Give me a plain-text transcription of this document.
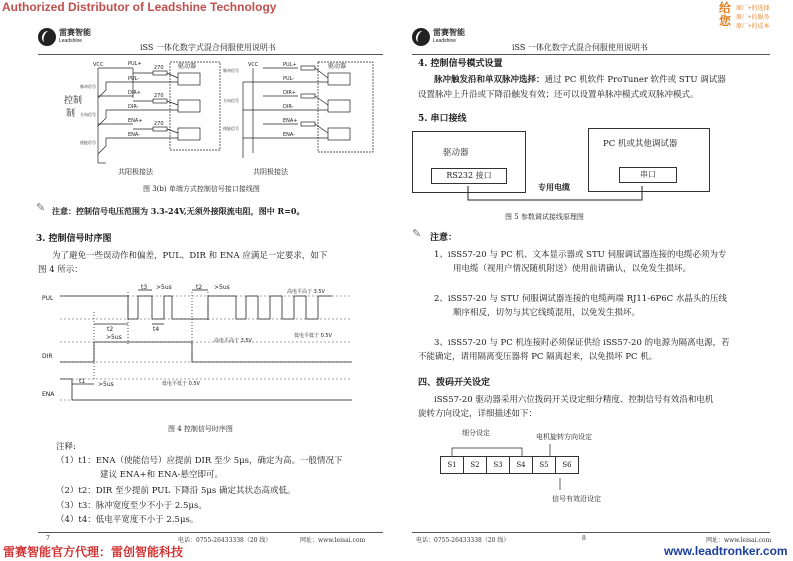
Authorized Distributor of Leadshine Technology	给您
原厂+的选择
原厂+的服务
原厂+的成本
雷赛智能官方代理：雷创智能科技	www.leadtronker.com
雷赛智能
Leadshine
iSS 一体化数字式混合伺服使用说明书
雷赛智能
Leadshine
iSS 一体化数字式混合伺服使用说明书
VCC	PUL+
DIR+
ENA+
PUL-
DIR-
ENA-
控制
制
脉冲信号
方向信号
使能信号
270
270
270
驱动器	VCC	PUL+
PUL-
DIR+
DIR-
ENA+
ENA-
脉冲信号
方向信号
使能信号
驱动器
共阳极接法	共阴极接法
图 3(b) 单端方式控制信号接口接线图
✎ 注意：控制信号电压范围为 3.3-24V,无须外接限流电阻，图中 R=0。
3. 控制信号时序图
为了避免一些误动作和偏差，PUL、DIR 和 ENA 应满足一定要求，如下
图 4 所示：
PUL
DIR
ENA
t1
t2
t3
t4
t2
>5us
>5us
>5us	>5us
高电平高于 3.5V
低电平低于 0.5V
高电平高于 3.5V
低电平低于 0.5V
图 4 控制信号时序图
注释:
（1）t1：ENA（使能信号）应提前 DIR 至少 5μs，确定为高。一般情况下
建议 ENA+和 ENA-悬空即可。
（2）t2：DIR 至少提前 PUL 下降沿 5μs 确定其状态高或低。
（3）t3：脉冲宽度至少不小于 2.5μs。
（4）t4：低电平宽度不小于 2.5μs。
7	电话：0755-26433338（20 线）	网址：www.leisai.com
4. 控制信号模式设置
脉冲触发沿和单双脉冲选择：通过 PC 机软件 ProTuner 软件或 STU 调试器
设置脉冲上升沿或下降沿触发有效；还可以设置单脉冲模式或双脉冲模式。
5. 串口接线
驱动器
RS232 接口
PC 机或其他调试器
串口
专用电缆
图 5 参数调试接线原理图
✎ 注意：
1、iSS57-20 与 PC 机、文本显示器或 STU 伺服调试器连接的电缆必须为专
用电缆（视用户情况随机附送）使用前请确认，以免发生损坏。
2、iSS57-20 与 STU 伺服调试器连接的电缆两端 RJ11-6P6C 水晶头的压线
顺序相反，切勿与其它线缆混用，以免发生损坏。
3、iSS57-20 与 PC 机连接时必须保证供给 iSS57-20 的电源为隔离电源，若
不能确定，请用隔离变压器将 PC 隔离起来，以免损坏 PC 机。
四、拨码开关设定
iSS57-20 驱动器采用六位拨码开关设定细分精度、控制信号有效沿和电机
旋转方向设定，详细描述如下：
细分设定	电机旋转方向设定
S1	S2	S3	S4	S5	S6
信号有效沿设定
电话：0755-26433338（20 线）	8	网址：www.leisai.com
